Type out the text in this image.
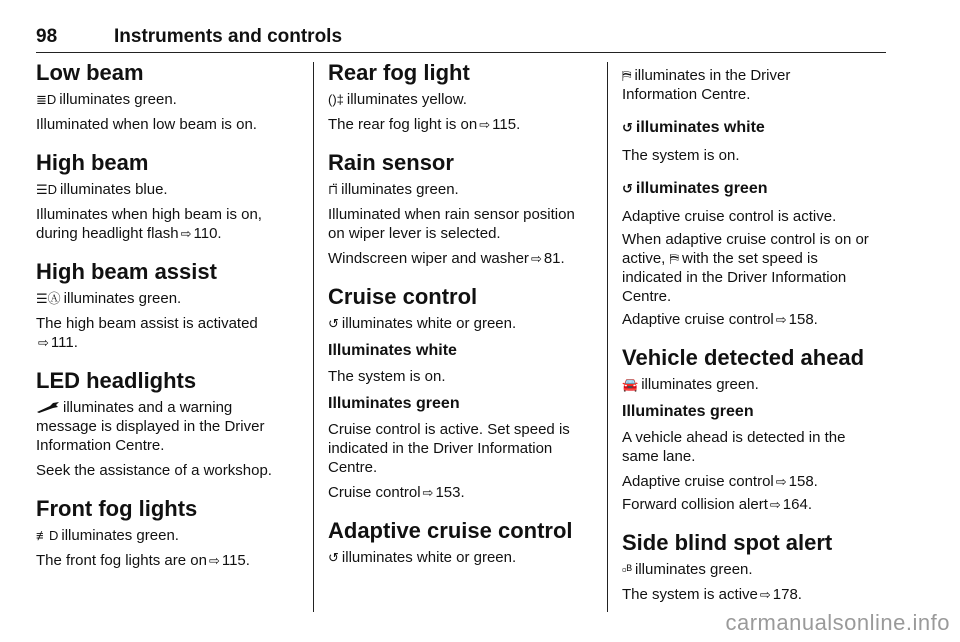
98	Instruments and controls
Low beam

≣D illuminates green.

Illuminated when low beam is on.

High beam

☰D illuminates blue.

Illuminates when high beam is on,

during headlight flash ⇨ 110.

High beam assist

☰Ⓐ illuminates green.

The high beam assist is activated

⇨ 111.

LED headlights

illuminates and a warning

message is displayed in the Driver

Information Centre.

Seek the assistance of a workshop.

Front fog lights

≢D illuminates green.

The front fog lights are on ⇨ 115.

Rear fog light

()‡ illuminates yellow.

The rear fog light is on ⇨ 115.

Rain sensor

⊓̈ illuminates green.

Illuminated when rain sensor position

on wiper lever is selected.

Windscreen wiper and washer ⇨ 81.

Cruise control

↺ illuminates white or green.

Illuminates white

The system is on.

Illuminates green

Cruise control is active. Set speed is

indicated in the Driver Information

Centre.

Cruise control ⇨ 153.

Adaptive cruise control

↺ illuminates white or green.

⛿ illuminates in the Driver

Information Centre.

↺ illuminates white

The system is on.

↺ illuminates green

Adaptive cruise control is active.

When adaptive cruise control is on or

active, ⛿ with the set speed is

indicated in the Driver Information

Centre.

Adaptive cruise control ⇨ 158.

Vehicle detected ahead

🚘 illuminates green.

Illuminates green

A vehicle ahead is detected in the

same lane.

Adaptive cruise control ⇨ 158.

Forward collision alert ⇨ 164.

Side blind spot alert

▫ᴮ illuminates green.

The system is active ⇨ 178.

carmanualsonline.info
